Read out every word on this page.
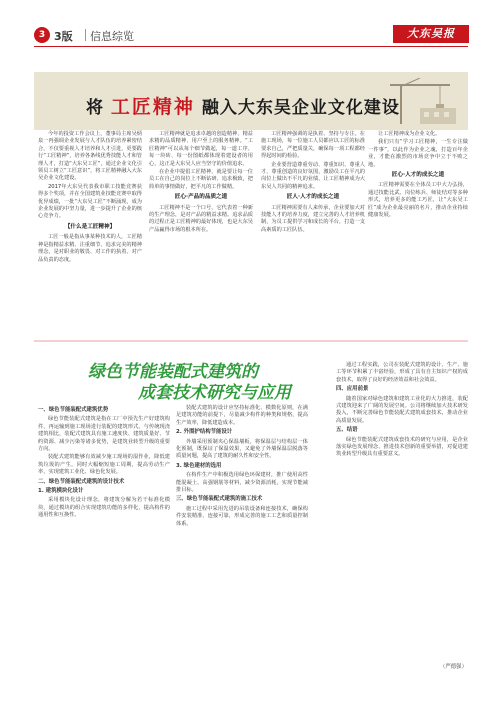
3 3版 信息综览	大东吴报
将 工匠精神 融入大东吴企业文化建设

今年的投资工作会议上，董事局主席吴炳泉一再强调企业发展与人才队伍的培养紧密结合，不仅要重视人才培养和人才引进，更要践行“工匠精神”，培养各条线优秀技能人才和管理人才，打造“大东吴工匠”，通过企业文化引领员工树立“工匠意识”，将工匠精神融入大东吴企业文化建设。

2017年大东吴代表我市职工技能竞赛获得多个奖项，并在全国建筑业技能竞赛中取得优异成绩，一批“大东吴工匠”不断涌现，成为企业发展的中坚力量，进一步提升了企业的核心竞争力。

【什么是工匠精神】

工匠一般是指从事某种技术的人，工匠精神是指精益求精、注重细节、追求完美的精神理念，是对职业的敬畏、对工作的执着、对产品负责的态度。

工匠精神就是追求卓越的创造精神、精益求精的品质精神、用户至上的服务精神。“工匠精神”可以从每个细节做起，每一道工序、每一块砖、每一份图纸都体现着建设者的用心，这正是大东吴人应当坚守的价值追求。

在企业中提倡工匠精神，就是要让每一位员工在自己的岗位上不断钻研、追求极致，把简单的事情做好，把平凡的工作做精。

匠心·产品的品质之道

工匠精神不是一个口号，它代表着一种新的生产理念，是对产品的精益求精。追求品质的过程正是工匠精神的最好体现，也是大东吴产品赢得市场的根本所在。

工匠精神强调的是执着、坚持与专注。在施工现场，每一位施工人员都应以工匠的标准要求自己，严把质量关，确保每一项工程都经得起时间的检验。

企业要营造尊重劳动、尊重知识、尊重人才、尊重创造的良好氛围，激励员工在平凡的岗位上做出不平凡的业绩，让工匠精神成为大东吴人共同的精神追求。

匠人·人才的成长之道

工匠精神需要有人来传承，企业要加大对技能人才的培养力度，建立完善的人才培养机制，为员工提供学习和成长的平台，打造一支高素质的工匠队伍。

让工匠精神成为企业文化。

我们只有“学习工匠精神，一生专注做一件事”，以此作为企业之魂，打造百年企业，才能在激烈的市场竞争中立于不败之地。

匠心·人才的成长之道

工匠精神需要在全体员工中大力弘扬，通过技能比武、岗位练兵、师徒结对等多种形式，培养更多的能工巧匠，让“大东吴工匠”成为企业最亮丽的名片，推动企业持续健康发展。

绿色节能装配式建筑的
成套技术研究与应用
一、绿色节能装配式建筑优势

绿色节能装配式建筑是指在工厂中预先生产好建筑构件，再运输到施工现场进行装配的建筑形式。与传统现浇建筑相比，装配式建筑具有施工速度快、建筑质量好、节约资源、减少污染等诸多优势，是建筑业转型升级的重要方向。

装配式建筑能够有效减少施工现场的湿作业，降低建筑垃圾的产生，同时大幅缩短施工周期，提高劳动生产率，实现建筑工业化、绿色化发展。

二、绿色节能装配式建筑的设计技术
1. 建筑模块化设计

采用模块化设计理念，将建筑分解为若干标准化模块，通过模块的组合实现建筑功能的多样化，提高构件的通用性和互换性。

装配式建筑的设计应坚持标准化、模数化原则，在满足建筑功能的前提下，尽量减少构件的种类和规格，提高生产效率，降低建造成本。

2. 外围护结构节能设计

外墙采用预制夹心保温墙板，将保温层与结构层一体化预制，既保证了保温效果，又避免了外墙保温层脱落等质量问题，提高了建筑的耐久性和安全性。

3. 绿色建材的选用

在构件生产中积极选用绿色环保建材，推广使用高性能混凝土、高强钢筋等材料，减少资源消耗，实现节能减排目标。

三、绿色节能装配式建筑的施工技术

施工过程中采用先进的吊装设备和连接技术，确保构件安装精准、连接可靠，形成完善的施工工艺和质量控制体系。

通过工程实践，公司在装配式建筑的设计、生产、施工等环节积累了丰富经验，形成了具有自主知识产权的成套技术，取得了良好的经济效益和社会效益。

四、应用前景

随着国家对绿色建筑和建筑工业化的大力推进，装配式建筑迎来了广阔的发展空间。公司将继续加大技术研发投入，不断完善绿色节能装配式建筑成套技术，推动企业高质量发展。

五、结语

绿色节能装配式建筑成套技术的研究与应用，是企业落实绿色发展理念、推进技术创新的重要举措，对促进建筑业转型升级具有重要意义。

（严德强）
